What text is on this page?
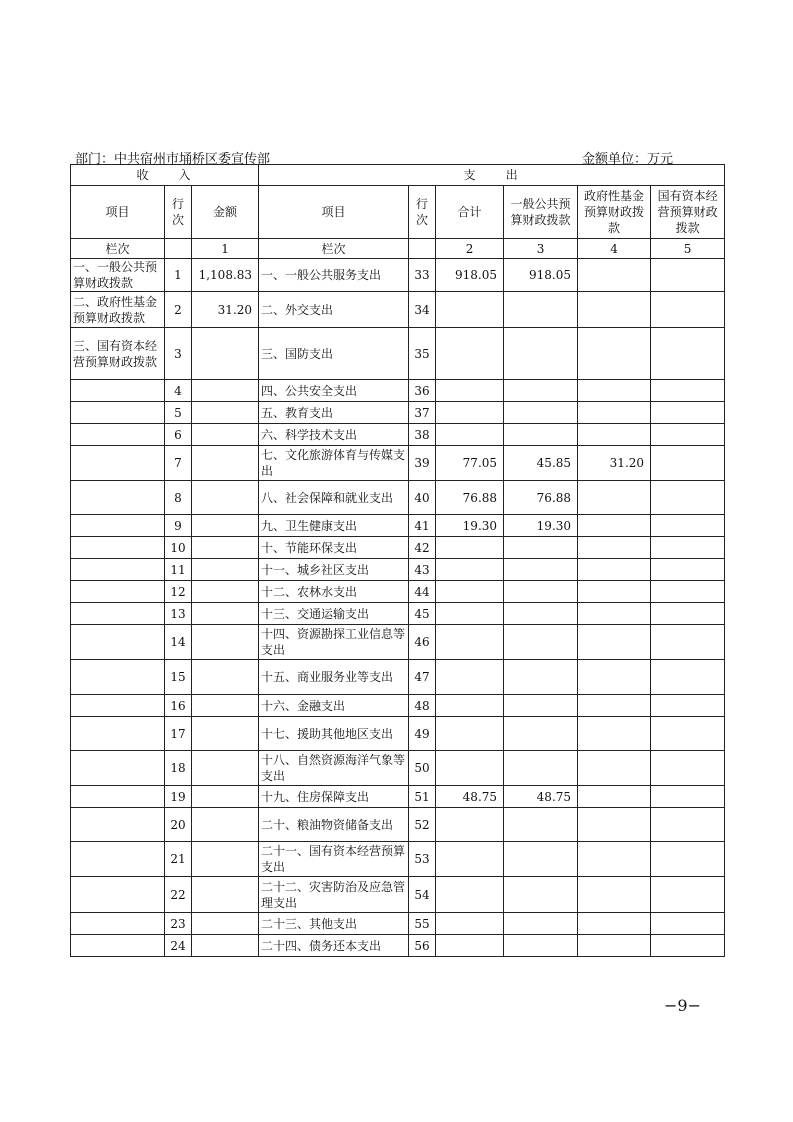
部门：中共宿州市埇桥区委宣传部	金额单位：万元
收　　入			支　　出					
项目	行次	金额	项目	行次	合计	一般公共预算财政拨款	政府性基金预算财政拨款	国有资本经营预算财政拨款
栏次		1	栏次		2	3	4	5
一、一般公共预算财政拨款	1	1,108.83	一、一般公共服务支出	33	918.05	918.05		
二、政府性基金预算财政拨款	2	31.20	二、外交支出	34				
三、国有资本经营预算财政拨款	3		三、国防支出	35				
	4		四、公共安全支出	36				
	5		五、教育支出	37				
	6		六、科学技术支出	38				
	7		七、文化旅游体育与传媒支出	39	77.05	45.85	31.20	
	8		八、社会保障和就业支出	40	76.88	76.88		
	9		九、卫生健康支出	41	19.30	19.30		
	10		十、节能环保支出	42				
	11		十一、城乡社区支出	43				
	12		十二、农林水支出	44				
	13		十三、交通运输支出	45				
	14		十四、资源勘探工业信息等支出	46				
	15		十五、商业服务业等支出	47				
	16		十六、金融支出	48				
	17		十七、援助其他地区支出	49				
	18		十八、自然资源海洋气象等支出	50				
	19		十九、住房保障支出	51	48.75	48.75		
	20		二十、粮油物资储备支出	52				
	21		二十一、国有资本经营预算支出	53				
	22		二十二、灾害防治及应急管理支出	54				
	23		二十三、其他支出	55				
	24		二十四、债务还本支出	56				
−9−
